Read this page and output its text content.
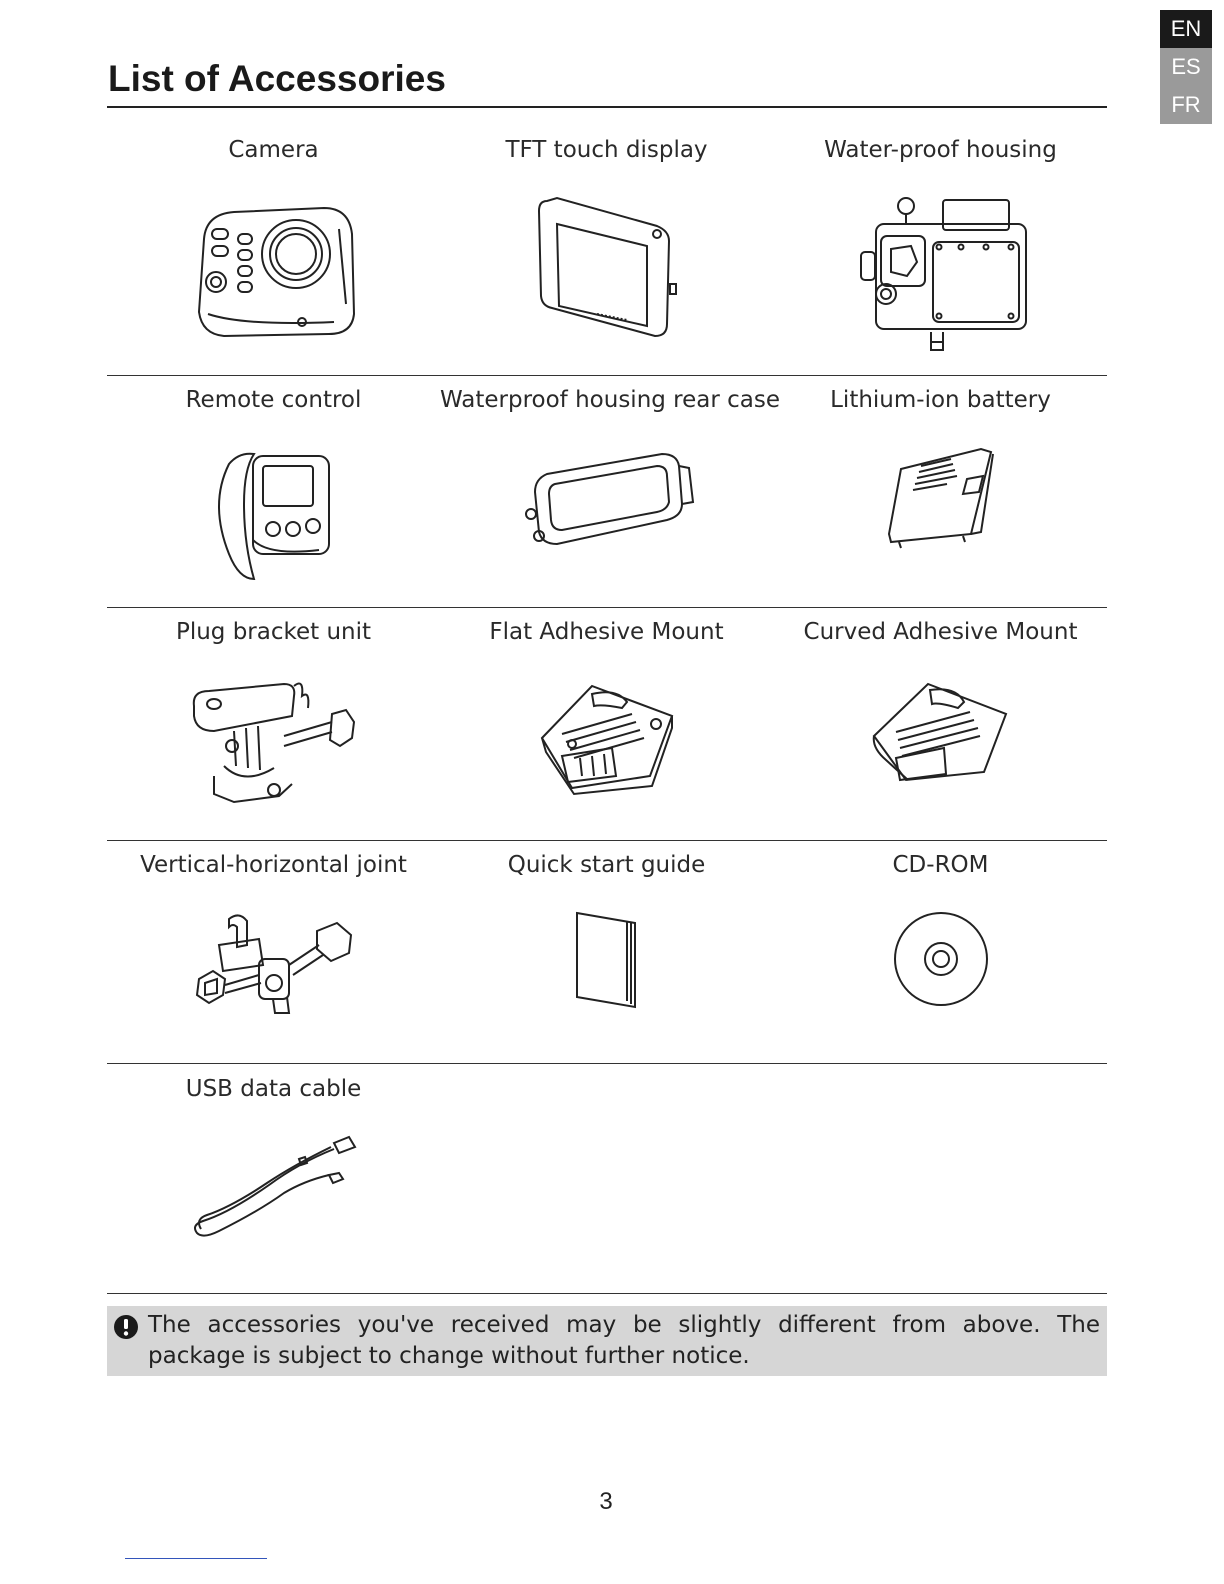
EN
ES
FR
List of Accessories
Camera	TFT touch display	Water-proof housing
Remote control	Waterproof housing rear case	Lithium-ion battery
Plug bracket unit	Flat Adhesive Mount	Curved Adhesive Mount
Vertical-horizontal joint	Quick start guide	CD-ROM
USB data cable
The accessories you've received may be slightly different from above. The package is subject to change without further notice.
3
